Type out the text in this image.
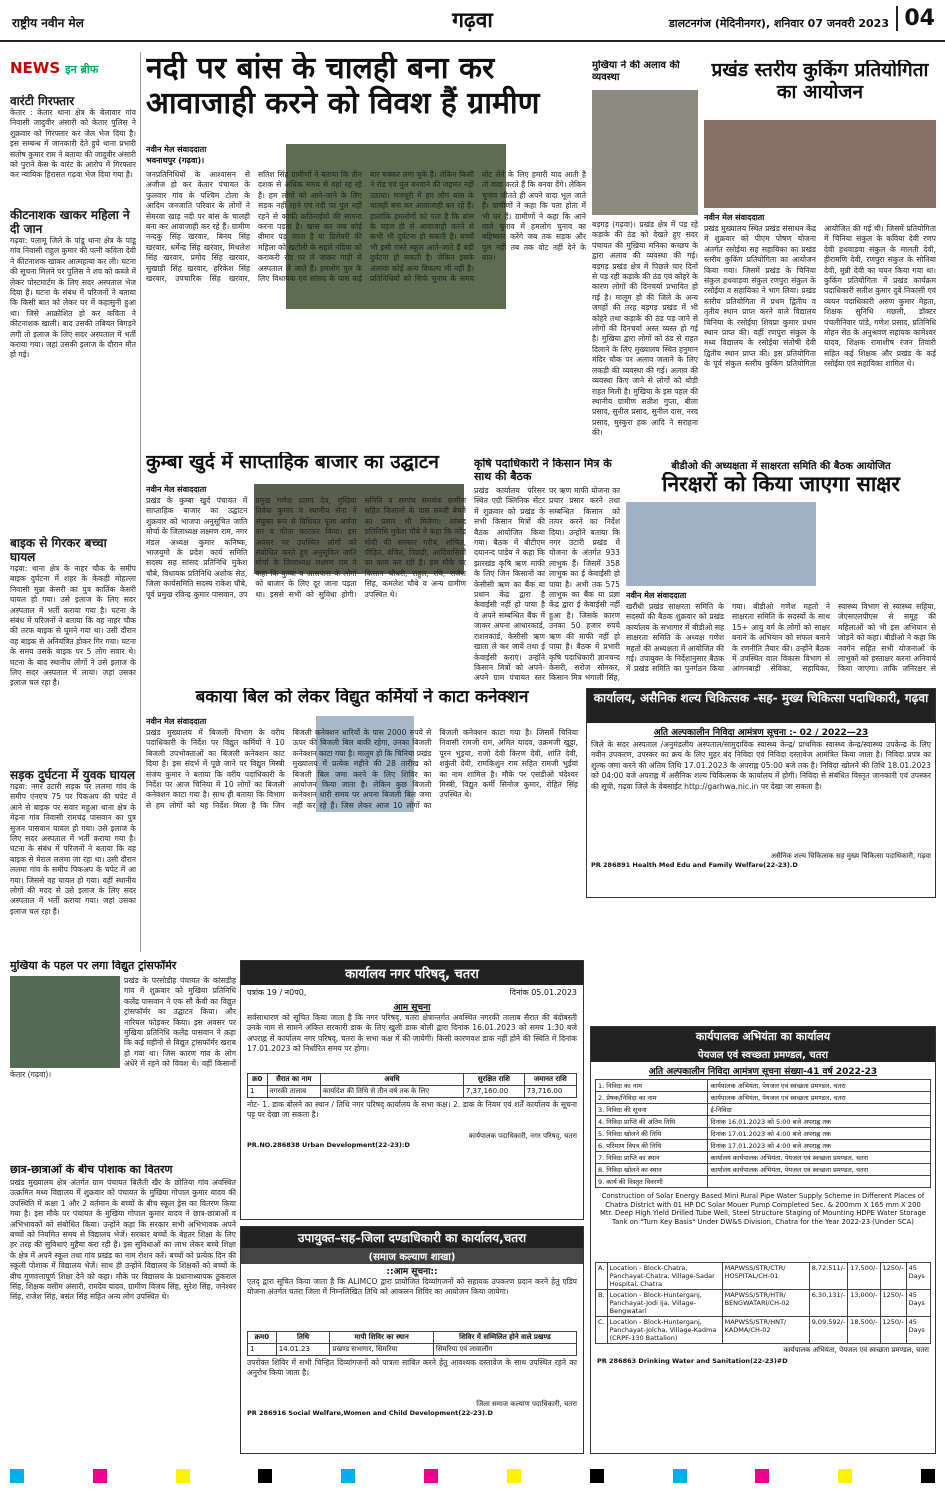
राष्ट्रीय नवीन मेल	गढ़वा	डालटनगंज (मेदिनीनगर), शनिवार 07 जनवरी 2023 04
NEWS इन ब्रीफ
वारंटी गिरफ्तार
केतार : केतार थाना क्षेत्र के बेलावार गांव निवासी जादुवीर अंसारी को केतार पुलिस ने शुक्रवार को गिरफ्तार कर जेल भेज दिया है। इस सम्बन्ध में जानकारी देते हुये थाना प्रभारी संतोष कुमार राम ने बताया की जादुवीर अंसारी को पुराने केस के वारंट के आरोप में गिरफ्तार कर न्यायिक हिरासत गढ़वा भेज दिया गया है।
कीटनाशक खाकर महिला ने दी जान
गढ़वा: पलामू जिले के पांडू थाना क्षेत्र के पांडू गांव निवासी राहुल कुमार की पत्नी कविता देवी ने कीटनाशक खाकर आत्महत्या कर ली। घटना की सूचना मिलने पर पुलिस ने शव को कब्जे में लेकर पोस्टमार्टम के लिए सदर अस्पताल भेज दिया है। घटना के संबंध में परिजनों ने बताया कि किसी बात को लेकर घर में कहासुनी हुआ था। जिसे आक्रोशित हो कर कविता ने कीटनाशक खाली। बाद उसकी तबियत बिगड़ने लगी तो इलाज के लिए सदर अस्पताल में भर्ती कराया गया। जहां उसकी इलाज के दौरान मौत हो गई।
बाइक से गिरकर बच्चा घायल
गढ़वा: थाना क्षेत्र के नाहर चौक के समीप बाइक दुर्घटना में शहर के केकही मोहल्ला निवासी मुन्ना केसरी का पुत्र कार्तिक केसरी घायल हो गया। उसे इलाज के लिए सदर अस्पताल में भर्ती कराया गया है। घटना के संबंध में परिजनों ने बताया कि वह नाहर चौक की तरफ बाइक से घूमने गया था। उसी दौरान वह बाइक से अनियंत्रित होकर गिर गया। घटना के समय उसके बाइक पर 5 लोग सवार थे। घटना के बाद स्थानीय लोगों ने उसे इलाज के लिए सदर अस्पताल में लाया। जहां उसका इलाज चल रहा है।
सड़क दुर्घटना में युवक घायल
गढ़वा: नगर उटारी सड़क पर ललमा गांव के समीप एनएच 75 पर पिकअप की चपेट में आने से बाइक पर सवार महुआ थाना क्षेत्र के मेढ़ना गांव निवासी रामचंद्र पासवान का पुत्र सुजन पासवान घायल हो गया। उसे इलाज के लिए सदर अस्पताल में भर्ती कराया गया है। घटना के संबंध में परिजनों ने बताया कि वह बाइक से मेराल ललमा जा रहा था। उसी दौरान ललमा गांव के समीप पिकअप के चपेट में आ गया। जिससे वह घायल हो गया। वहीं स्थानीय लोगों की मदद से उसे इलाज के लिए सदर अस्पताल में भर्ती कराया गया। जहां उसका इलाज चल रहा है।
नदी पर बांस के चालही बना कर आवाजाही करने को विवश हैं ग्रामीण
नवीन मेल संवाददाता
भवनाथपुर (गढ़वा)।
जनप्रतिनिधियों के आश्वासन से अजीज हो कर केतार पंचायत के फुलवार गांव के पश्चिम टोला के आदिम जनजाति परिवार के लोगों ने सेमरवा खाड़ नदी पर बांस के चालही बना कर आवाजाही कर रहे हैं। ग्रामीण नन्दकु सिंह खरवार, बिनय सिंह खरवार, धर्मेन्द्र सिंह खरवार, मिथलेश सिंह खरवार, प्रमोद सिंह खरवार, सुखाड़ी सिंह खरवार, हरिकेश सिंह खरवार, उपचारिक सिंह खरवार, सतिश सिंह ग्रामीणों ने बताया कि तीन दशक से अधिक समय से वहां रह रहे हैं। हम लोगों को आने-जाने के लिए सड़क नहीं रहने एवं नदी पर पुल नहीं रहने से काफी कठिनाईयों की सामना करना पड़ता है। खास कर जब कोई बीमार पड़ जाता है या डिलेवरी की महिला को खटोली के सहारे नदिया को कराकरी रोड पर ले जाकर गाड़ी से अस्पताल ले जाते हैं। हमलोग पुल के लिए विधायक एवं सांसद के पास कई बार चक्कर लगा चुके हैं। लेकिन किसी ने रोड एवं पुल बनवाने की जहमत नहीं उठाया। मजबूरी में हम लोग बांस के चालही बना कर आवाजाही कर रहे हैं। हालांकि हमलोगों को पता है कि बांस के चहल ही से आवाजाही करने से कभी भी दुर्घटना हो सकती है। बच्चों भी इसी रास्ते स्कूल आते-जाते हैं बड़ी दुर्घटना हो सकती है। लेकिन इसके अलावा कोई अन्य विकल्प भी नहीं है। प्रतिनिधियों को सिर्फ चुनाव के समय वोट लेने के लिए हमारी याद आती है तो वादा करते हैं कि बनवा देंगे। लेकिन चुनाव जीतते ही अपने वादा भूल जाते हैं। ग्रामीणों ने कहा कि पता होता में भी घर हैं। ग्रामीणों ने कहा कि आने वाले चुनाव में हमलोग चुनाव का बहिष्कार करेंगे जब तक सड़क और पुल नहीं तब तक वोट नहीं देने के बात।
मुखिया ने की अलाव की व्यवस्था
बड़गड़ (गढ़वा)। प्रखंड क्षेत्र में पड़ रहे कड़ाके की ठंड को देखते हुए सदर पंचायत की मुखिया मनिका कच्छप के द्वारा अलाव की व्यवस्था की गई। बड़गड़ प्रखंड क्षेत्र में पिछले चार दिनों से पड़ रही कड़ाके की ठंड एवं कोहरे के कारण लोगों की दिनचर्या प्रभावित हो गई है। मालूम हो की जिले के अन्य जगहों की तरह बड़गड़ प्रखंड में भी कोहरे तथा कड़ाके की ठंड पड़ जाने से लोगों की दिनचर्या अस्त व्यस्त हो गई है। मुखिया द्वारा लोगों को ठंड से राहत दिलाने के लिए मुख्यालय स्थित हनुमान मंदिर चौक पर अलाव जलाने के लिए लकड़ी की व्यवस्था की गई। अलाव की व्यवस्था किए जाने से लोगों को थोड़ी राहत मिली है। मुखिया के इस पहल की स्थानीय ग्रामीण सतीश गुप्ता, बीला प्रसाद, सुनील प्रसाद, सुनील दास, नरद प्रसाद, मुस्कुरा हक आदि ने सराहना की।
प्रखंड स्तरीय कुकिंग प्रतियोगिता का आयोजन
नवीन मेल संवाददाता
प्रखंड मुख्यालय स्थित प्रखंड संसाधन केंद्र में शुक्रवार को पीएम पोषण योजना अंतर्गत रसोईया सह सहायिका का प्रखंड स्तरीय कुकिंग प्रतियोगिता का आयोजन किया गया। जिसमें प्रखंड के चिनिया संकुल हथवाड़वा संकुल रणपुरा संकुल के रसोईया व सहायिका ने भाग लिया। प्रखंड स्तरीय प्रतियोगिता में प्रथम द्वितीय व तृतीय स्थान प्राप्त करने वाले विद्यालय चिनिया के रसोईया शिवप्रा कुमार प्रथम स्थान प्राप्त की। वहीं रणपुरा संकुल के मध्य विद्यालय के रसोईया संतोषी देवी द्वितीय स्थान प्राप्त की। इस प्रतियोगिता के पूर्व संकुल स्तरीय कुकिंग प्रतियोगिता आयोजित की गई थी। जिसमें प्रतियोगिता में चिनिया संकुल के कविया देवी रणप देवी हथवाड़वा संकुल के मालती देवी, हीरामणि देवी, रणपुरा संकुल के सोनिया देवी, मुन्नी देवी का चयन किया गया था। कुकिंग प्रतियोगिता में प्रखंड कार्यक्रम पदाधिकारी सतीश कुमार दुबे निकासी एवं व्ययन पदाधिकारी अरुण कुमार मेहता, शिक्षक सुनिधि मछली, डॉक्टर पंचलीनिवार पांडे, गणेश प्रसाद, प्रतिनिधि मोहन सेठ के अनुश्रवण सहायक कामेश्वर यादव, शिक्षक रामाशीष रंजन तिवारी सहित कई शिक्षक और प्रखंड के कई रसोईया एवं सहायिका शामिल थे।
कुम्बा खुर्द में साप्ताहिक बाजार का उद्घाटन
नवीन मेल संवाददाता
प्रखंड के कुम्बा खुर्द पंचायत में साप्ताहिक बाजार का उद्घाटन शुक्रवार को भाजपा अनुसूचित जाति मोर्चा के जिलाध्यक्ष लक्ष्मण राम, नगर मंडल अध्यक्ष कुमार कनिष्क, भाजयुमो के प्रदेश कार्य समिति सदस्य सह सांसद प्रतिनिधि मुकेश चौबे, विधायक प्रतिनिधि अशोक सेठ, जिला कार्यसमिति सदस्य राकेश चौबे, पूर्व प्रमुख रविन्द्र कुमार पासवान, उप प्रमुख गणेश प्रताप देव, मुखिया विवेक कुमार व स्थानीय सेना ने संयुक्त रूप से विधिवत पूजा अर्चना कर व फीता काटकर किया। इस अवसर पर उपस्थित लोगों को संबोधित करते हुए अनुसूचित जाति मोर्चा के जिलाध्यक्ष लक्ष्मण राम ने कहा कि कुम्बा व आसपास के लोगों को बाजार के लिए दूर जाना पड़ता था। इससे सभी को सुविधा होगी। समिति व सरपंच समर्थक ग्रामीण सहित किसानों के पास सब्जी बेचने का प्रसार भी मिलेगा। सांसद प्रतिनिधि मुकेश चौबे ने कहा कि नरेंद्र मोदी की सरकार गरीब, शोषित, पीड़ित, वंचित, पिछड़ी, आदिवासियों का काम कर रही है। इस मौके पर किसान चौधरी, राहुल, रवि, राजेश सिंह, कमलेश चौबे व अन्य ग्रामीण उपस्थित थे।
कृषि पदाधिकारी ने किसान मित्र के साथ की बैठक
प्रखंड कार्यालय परिसर स्थित एग्री क्लिनिक सेंटर में शुक्रवार को प्रखंड के सभी किसान मित्रों की बैठक आयोजित किया गया। बैठक में बीटीएम दयानन्द पांडेय ने कहा कि झारखंड कृषि ऋण माफी के लिए जिन किसानों का केसीसी ऋण का बैंक या प्रधान केंद्र द्वारा है केवाईसी नहीं हो पाया है वे अपने सम्बन्धित बैंक में जाकर अपना आधारकार्ड, राशनकार्ड, केसीसी ऋण खाता ले कर जायें तथा ई केवाईसी कराएं। उन्होंने किसान मित्रों को अपने-अपने ग्राम पंचायत स्तर पर ऋण माफी योजना का प्रचार प्रसार करने तथा सम्बन्धित किसान को तत्पर करने का निर्देश दिया। उन्होंने बताया कि नगर उटारी प्रखंड में योजना के अंतर्गत 933 लाभुक हैं। जिसमें 358 लाभुक का ई केवाईसी हो पाया है। अभी तक 575 लाभुक का बैंक या प्रज्ञा केंद्र द्वारा ई केवाईसी नहीं हुआ है। जिसके कारण उनका 50 हजार रुपये ऋण की माफी नहीं हो पाया है। बैठक में प्रभारी कृषि पदाधिकारी ज्ञानचन्द केसरी, सरोज सोनकर, किसान मित्र भंगाली सिंह,
बीडीओ की अध्यक्षता में साक्षरता समिति की बैठक आयोजित
निरक्षरों को किया जाएगा साक्षर
नवीन मेल संवाददाता
खरौंधी प्रखंड साक्षरता समिति के सदस्यों की बैठक शुक्रवार को प्रखंड कार्यालय के सभागार में बीडीओ सह साक्षरता समिति के अध्यक्ष गणेश महतो की अध्यक्षता में आयोजित की गई। उपायुक्त के निर्देशानुसार बैठक में प्रखंड समिति का पुनर्गठन किया गया। बीडीओ गणेश महतो ने साक्षरता समिति के सदस्यों के साथ 15+ आयु वर्ग के लोगों को साक्षर बनाने के अभियान को सफल बनाने के रणनीति तैयार की। उन्होंने बैठक में उपस्थित वाल विकास विभाग से आंगनबाड़ी सेविका, सहायिका, स्वास्थ्य विभाग से स्वास्थ्य सहिया, जेएसएलपीएस से समूह की महिलाओं को भी इस अभियान से जोड़ने को कहा। बीडीओ ने कहा कि नवगेन सहित सभी योजनाओं के लाभुकों को हस्ताक्षर करना अनिवार्य किया जाएगा। ताकि जनिरक्षर से
बकाया बिल को लेकर विद्युत कर्मियों ने काटा कनेक्शन
नवीन मेल संवाददाता
प्रखंड मुख्यालय में बिजली विभाग के वरीय पदाधिकारी के निर्देश पर विद्युत कर्मियों ने 10 बिजली उपभोक्ताओं का बिजली कनेक्शन काट दिया है। इस संदर्भ में पूछे जाने पर विद्युत मिस्त्री संजय कुमार ने बताया कि वरीय पदाधिकारी के निर्देश पर आज चिनिया में 10 लोगों का बिजली कनेक्शन काटा गया है। साथ ही बताया कि विभाग से हम लोगों को यह निर्देश मिला है कि जिन बिजली कनेक्शन धारियों के पास 2000 रुपये से ऊपर की बिजली बिल बाकी रहेगा, उनका बिजली कनेक्शन काटा गया है। मालूम हो कि चिनिया प्रखंड मुख्यालय में प्रत्येक महीने की 28 तारीख को बिजली बिल जमा करने के लिए शिविर का आयोजन किया जाता है। लेकिन कुछ बिजली कनेक्शन धारी समय पर अपना बिजली बिल जमा नहीं कर रहे हैं। जिस लेकर आज 10 लोगों का बिजली कनेक्शन काटा गया है। जिसमें चिनिया निवासी रामजी राम, अमित यादव, उक्रमजी खुट्टा, पूरन भुइया, राजो देवी किरण देवी, शांति देवी, शकुंती देवी, रामकिशुन राम सहित रामजी भुईयां का नाम शामिल है। मौके पर एसडीओ चंदेश्वर मिस्त्री, विद्युत कर्मी सिनोज कुमार, रोहित सिंह उपस्थित थे।
कार्यालय, असैनिक शल्य चिकित्सक -सह- मुख्य चिकित्सा पदाधिकारी, गढ़वा
अति अल्पकालीन निविदा आमंत्रण सूचना :- 02 / 2022—23
जिले के सदर अस्पताल /अनुमंडलीय अस्पताल/सामुदायिक स्वास्थ्य केन्द्र/ प्राथमिक स्वास्थ्य केन्द्र/स्वास्थ्य उपकेन्द्र के लिए नवीन उपकरण, उपस्कर का क्रय के लिए मुहर बंद निविदा एवं निविदा दस्तावेज आमंत्रित किया जाता है। निविदा प्रपत्र का शुल्क जमा करने की अंतिम तिथि 17.01.2023 के अपराह्न 05:00 बजे तक है। निविदा खोलने की तिथि 18.01.2023 को 04:00 बजे अपराह्न में असैनिक शल्य चिकित्सक के कार्यालय में होगी। निविदा से संबंधित विस्तृत जानकारी एवं उपस्कर की सूची, गढ़वा जिले के वेबसाईट http://garhwa.nic.in पर देखा जा सकता है।
असैनिक शल्य चिकित्सक सह मुख्य चिकित्सा पदाधिकारी, गढ़वा
PR 286891 Health Med Edu and Family Welfare(22-23).D
मुखिया के पहल पर लगा विद्युत ट्रांसफॉर्मर
प्रखंड के परसोडीह पंचायत के कांसडीह गांव में शुक्रवार को मुखिया प्रतिनिधि कलेंद्र पासवान ने एक सौ केवी का विद्युत ट्रांसफॉर्मर का उद्घाटन किया। और नारियल फोड़कर किया। इस अवसर पर मुखिया प्रतिनिधि कलेंद्र पासवान ने कहा कि कई महीनों से विद्युत ट्रांसफॉर्मर खराब हो गया था। जिस कारण गांव के लोग अंधेरे में रहने को विवश थे। वहीं किसानों
केतार (गढ़वा)।
छात्र-छात्राओं के बीच पोशाक का वितरण
प्रखंड मुख्यालय क्षेत्र अंतर्गत ग्राम पंचायत बिलैती खैर के छोतिया गांव अवस्थित उत्क्रमित मध्य विद्यालय में शुक्रवार को पंचायत के मुखिया गोपाल कुमार यादव की उपस्थिति में कक्षा 1 और 2 वर्तमान के बच्चों के बीच स्कूल ड्रेस का वितरण किया गया है। इस मौके पर पंचायत के मुखिया गोपाल कुमार यादव ने छात्र-छात्राओं व अभिभावकों को संबोधित किया। उन्होंने कहा कि सरकार सभी अभिभावक अपने बच्चों को नियमित समय से विद्यालय भेजें। सरकार बच्चों के बेहतर शिक्षा के लिए हर तरह की सुविधाएं मुहैया करा रही है। इस सुविधाओं का लाभ लेकर बच्चे शिक्षा के क्षेत्र में अपने स्कूल तथा गांव प्रखंड का नाम रोशन करें। बच्चों को प्रत्येक दिन की स्कूली पोशाक में विद्यालय भेजें। साथ ही उन्होंने विद्यालय के शिक्षकों को बच्चों के बीच गुणवत्तापूर्ण शिक्षा देने को कहा। मौके पर विद्यालय के प्रधानाध्यापक ठुकराल सिंह, शिक्षक वसीम अंसारी, रामदेव यादव, ग्रामीण विजय सिंह, सुरेश सिंह, जनेश्वर सिंह, राजेश सिंह, बसंत सिंह सहित अन्य लोग उपस्थित थे।
कार्यालय नगर परिषद्, चतरा
पत्रांक 19 / न0प0,	दिनांक 05.01.2023
आम सूचना
सर्वसाधारण को सूचित किया जाता है कि नगर परिषद्, चतरा क्षेत्रान्तर्गत अवस्थित नगरकी तालाब सैरात की बंदोबस्ती उनके नाम से सामने अंकित सरकारी डाक के लिए खुली डाक बोली द्वारा दिनांक 16.01.2023 को समय 1:30 बजे अपराह्न से कार्यालय नगर परिषद्, चतरा के सभा कक्ष में की जायेगी। किसी कारणवश डाक नहीं होने की स्थिति में दिनांक 17.01.2023 को निर्धारित समय पर होगा।
क्र0	सैरात का नाम	अवधि	सुरक्षित राशि	जमानत राशि
1	नगरकी तालाब	कार्यादेश की तिथि से तीन वर्ष तक के लिए	7,37,160.00	73,716.00
नोट- 1. डाक बोलने का स्थान / तिथि नगर परिषद् कार्यालय के सभा कक्ष। 2. डाक के नियम एवं शर्तें कार्यालय के सूचना पट्ट पर देखा जा सकता है।
कार्यपालक पदाधिकारी, नगर परिषद्, चतरा
PR.NO.286838 Urban Development(22-23):D
उपायुक्त–सह–जिला दण्डाधिकारी का कार्यालय,चतरा
(समाज कल्याण शाखा)
::आम सूचना::
एतद् द्वारा सूचित किया जाता है कि ALIMCO द्वारा प्रायोजित दिव्यांगजनों को सहायक उपकरण प्रदान करने हेतु एडिप योजना अंतर्गत चतरा जिला में निम्नलिखित तिथि को आकलन शिविर का आयोजन किया जायेगा।
क्रम0	तिथि	मापी शिविर का स्थान	शिविर में सम्मिलित होने वाले प्रखण्ड
1	14.01.23	प्रखण्ड सभागार, सिमरिया	सिमरिया एवं लावालौंग
उपरोक्त शिविर में सभी चिन्हित दिव्यांगजनों को पात्रता साबित करने हेतु आवश्यक दस्तावेज के साथ उपस्थित रहने का अनुरोध किया जाता है।
जिला समाज कल्याण पदाधिकारी, चतरा
PR 286916 Social Welfare,Women and Child Development(22-23).D
कार्यपालक अभियंता का कार्यालय
पेयजल एवं स्वच्छता प्रमण्डल, चतरा
अति अल्पकालीन निविदा आमंत्रण सूचना संख्या-41 वर्ष 2022-23
1. निविदा का नाम	कार्यपालक अभियंता, पेयजल एवं स्वच्छता प्रमण्डल, चतरा
2. प्रेषक/निविदा का नाम	कार्यपालक अभियंता, पेयजल एवं स्वच्छता प्रमण्डल, चतरा
3. निविदा की सूचना	ई-निविदा
4. निविदा प्राप्ति की अंतिम तिथि	दिनांक 16.01.2023 को 5:00 बजे अपराह्न तक
5. निविदा खोलने की तिथि	दिनांक 17.01.2023 को 4:00 बजे अपराह्न तक
6. परिमाण विपत्र की तिथि	दिनांक 17.01.2023 को 4:00 बजे अपराह्न तक
7. निविदा प्राप्ति का स्थान	कार्यालय कार्यपालक अभियंता, पेयजल एवं स्वच्छता प्रमण्डल, चतरा
8. निविदा खोलने का स्थान	कार्यालय कार्यपालक अभियंता, पेयजल एवं स्वच्छता प्रमण्डल, चतरा
9. कार्य की विस्तृत विवरणी	
Construction of Solar Energy Based Mini Rural Pipe Water Supply Scheme in Different Places of Chatra District with 01 HP DC Solar Mouer Pump Completed Sec. & 200mm X 165 mm X 200 Mtr. Deep High Yield Drilled Tube Well, Steel Structure Staging of Mounting HDPE Water Storage Tank on "Turn Key Basis" Under DW&S Division, Chatra for the Year 2022-23 (Under SCA)
A.	Location - Block-Chatra, Panchayat-Chatra, Village-Sadar Hospital, Chatra	MAPWSS/STR/CTR/ HOSPITAL/CH-01	8,72,511/-	17,500/-	1250/-	45 Days
B.	Location - Block-Hunterganj, Panchayat-Jodi Ija, Village-Bengwatari	MAPWSS/STR/HTR/ BENGWATARI/CH-02	6,30,131/-	13,000/-	1250/-	45 Days
C.	Location - Block-Hunterganj, Panchayat-Jolcha, Village-Kadma (CRPF-130 Battalion)	MAPWSS/STR/HNT/ KADMA/CH-02	9,09,592/-	18,500/-	1250/-	45 Days
कार्यपालक अभियंता, पेयजल एवं स्वच्छता प्रमण्डल, चतरा
PR 286863 Drinking Water and Sanitation(22-23)#D
